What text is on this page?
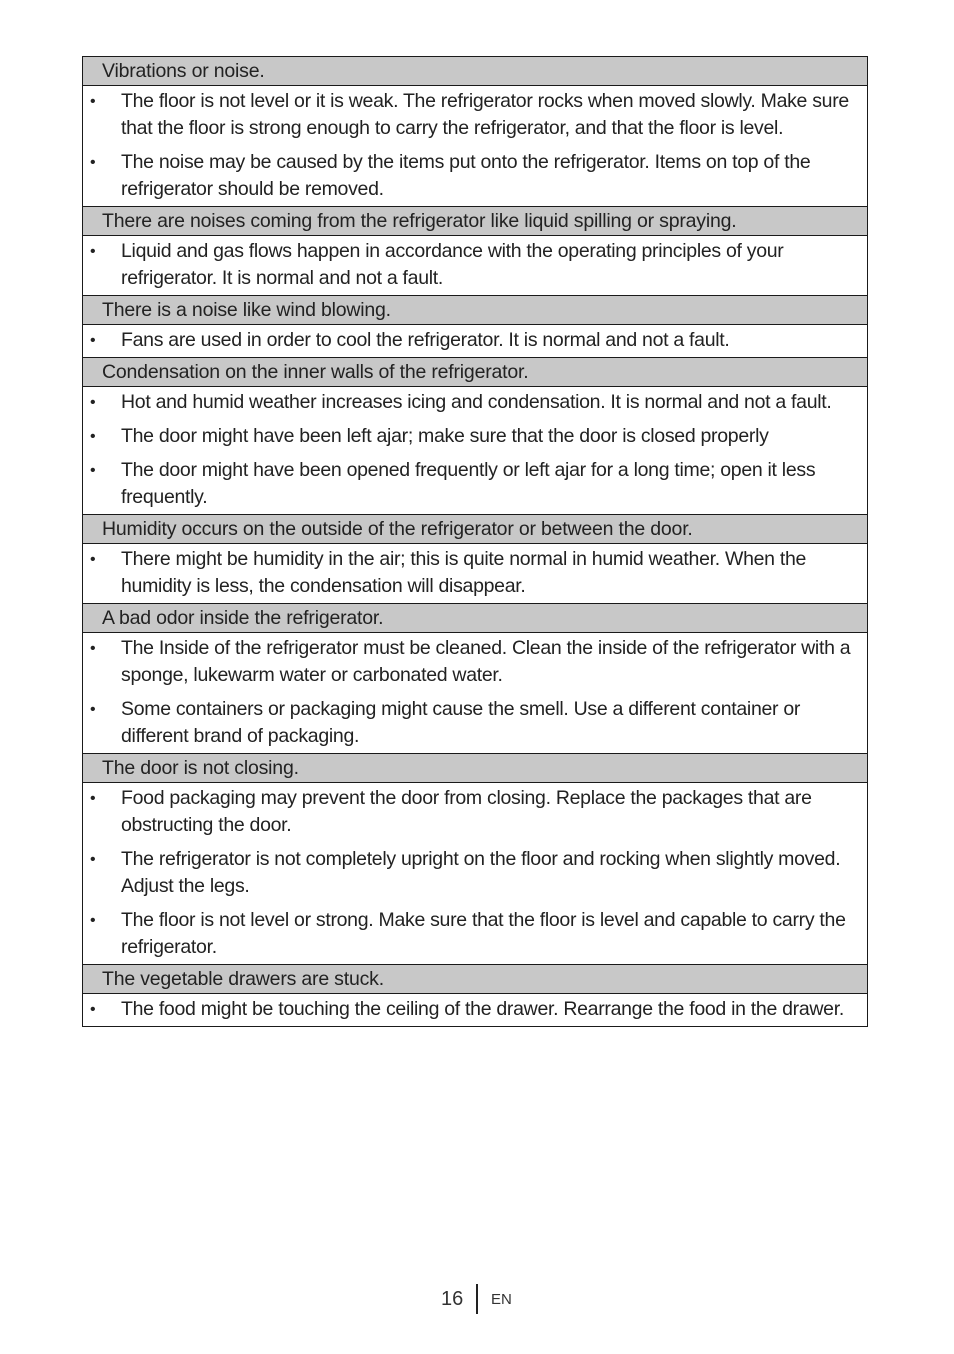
Vibrations or noise.
• The floor is not level or it is weak. The refrigerator rocks when moved slowly. Make sure that the floor is strong enough to carry the refrigerator, and that the floor is level.
• The noise may be caused by the items put onto the refrigerator. Items on top of the refrigerator should be removed.
There are noises coming from the refrigerator like liquid spilling or spraying.
• Liquid and gas flows happen in accordance with the operating principles of your refrigerator. It is normal and not a fault.
There is a noise like wind blowing.
• Fans are used in order to cool the refrigerator. It is normal and not a fault.
Condensation on the inner walls of the refrigerator.
• Hot and humid weather increases icing and condensation. It is normal and not a fault.
• The door might have been left ajar; make sure that the door is closed properly
• The door might have been opened frequently or left ajar for a long time; open it less frequently.
Humidity occurs on the outside of the refrigerator or between the door.
• There might be humidity in the air; this is quite normal in humid weather. When the humidity is less, the condensation will disappear.
A bad odor inside the refrigerator.
• The Inside of the refrigerator must be cleaned. Clean the inside of the refrigerator with a sponge, lukewarm water or carbonated water.
• Some containers or packaging might cause the smell. Use a different container or different brand of packaging.
The door is not closing.
• Food packaging may prevent the door from closing. Replace the packages that are obstructing the door.
• The refrigerator is not completely upright on the floor and rocking when slightly moved. Adjust the legs.
• The floor is not level or strong. Make sure that the floor is level and capable to carry the refrigerator.
The vegetable drawers are stuck.
• The food might be touching the ceiling of the drawer. Rearrange the food in the drawer.
16 EN
